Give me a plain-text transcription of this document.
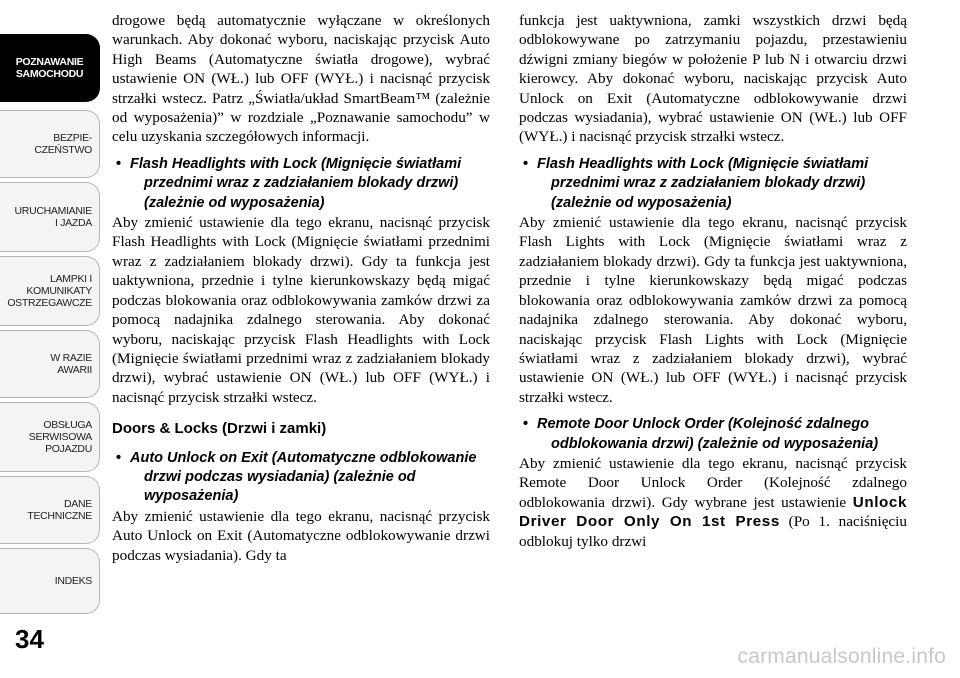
POZNAWANIE
SAMOCHODU
BEZPIE-
CZEŃSTWO
URUCHAMIANIE
I JAZDA
LAMPKI I
KOMUNIKATY
OSTRZEGAWCZE
W RAZIE
AWARII
OBSŁUGA
SERWISOWA
POJAZDU
DANE
TECHNICZNE
INDEKS
34

drogowe będą automatycznie wyłączane w określonych warunkach. Aby dokonać wyboru, naciskając przycisk Auto High Beams (Automatyczne światła drogowe), wybrać ustawienie ON (WŁ.) lub OFF (WYŁ.) i nacisnąć przycisk strzałki wstecz. Patrz „Światła/układ SmartBeam™ (zależnie od wyposażenia)” w rozdziale „Poznawanie samochodu” w celu uzyskania szczegółowych informacji.

• Flash Headlights with Lock (Mignięcie światłami przednimi wraz z zadziałaniem blokady drzwi) (zależnie od wyposażenia)

Aby zmienić ustawienie dla tego ekranu, nacisnąć przycisk Flash Headlights with Lock (Mignięcie światłami przednimi wraz z zadziałaniem blokady drzwi). Gdy ta funkcja jest uaktywniona, przednie i tylne kierunkowskazy będą migać podczas blokowania oraz odblokowywania zamków drzwi za pomocą nadajnika zdalnego sterowania. Aby dokonać wyboru, naciskając przycisk Flash Headlights with Lock (Mignięcie światłami przednimi wraz z zadziałaniem blokady drzwi), wybrać ustawienie ON (WŁ.) lub OFF (WYŁ.) i nacisnąć przycisk strzałki wstecz.

Doors & Locks (Drzwi i zamki)
• Auto Unlock on Exit (Automatyczne odblokowanie drzwi podczas wysiadania) (zależnie od wyposażenia)

Aby zmienić ustawienie dla tego ekranu, nacisnąć przycisk Auto Unlock on Exit (Automatyczne odblokowywanie drzwi podczas wysiadania). Gdy ta

funkcja jest uaktywniona, zamki wszystkich drzwi będą odblokowywane po zatrzymaniu pojazdu, przestawieniu dźwigni zmiany biegów w położenie P lub N i otwarciu drzwi kierowcy. Aby dokonać wyboru, naciskając przycisk Auto Unlock on Exit (Automatyczne odblokowywanie drzwi podczas wysiadania), wybrać ustawienie ON (WŁ.) lub OFF (WYŁ.) i nacisnąć przycisk strzałki wstecz.

• Flash Headlights with Lock (Mignięcie światłami przednimi wraz z zadziałaniem blokady drzwi) (zależnie od wyposażenia)

Aby zmienić ustawienie dla tego ekranu, nacisnąć przycisk Flash Lights with Lock (Mignięcie światłami wraz z zadziałaniem blokady drzwi). Gdy ta funkcja jest uaktywniona, przednie i tylne kierunkowskazy będą migać podczas blokowania oraz odblokowywania zamków drzwi za pomocą nadajnika zdalnego sterowania. Aby dokonać wyboru, naciskając przycisk Flash Lights with Lock (Mignięcie światłami wraz z zadziałaniem blokady drzwi), wybrać ustawienie ON (WŁ.) lub OFF (WYŁ.) i nacisnąć przycisk strzałki wstecz.

• Remote Door Unlock Order (Kolejność zdalnego odblokowania drzwi) (zależnie od wyposażenia)

Aby zmienić ustawienie dla tego ekranu, nacisnąć przycisk Remote Door Unlock Order (Kolejność zdalnego odblokowania drzwi). Gdy wybrane jest ustawienie Unlock Driver Door Only On 1st Press (Po 1. naciśnięciu odblokuj tylko drzwi

carmanualsonline.info
